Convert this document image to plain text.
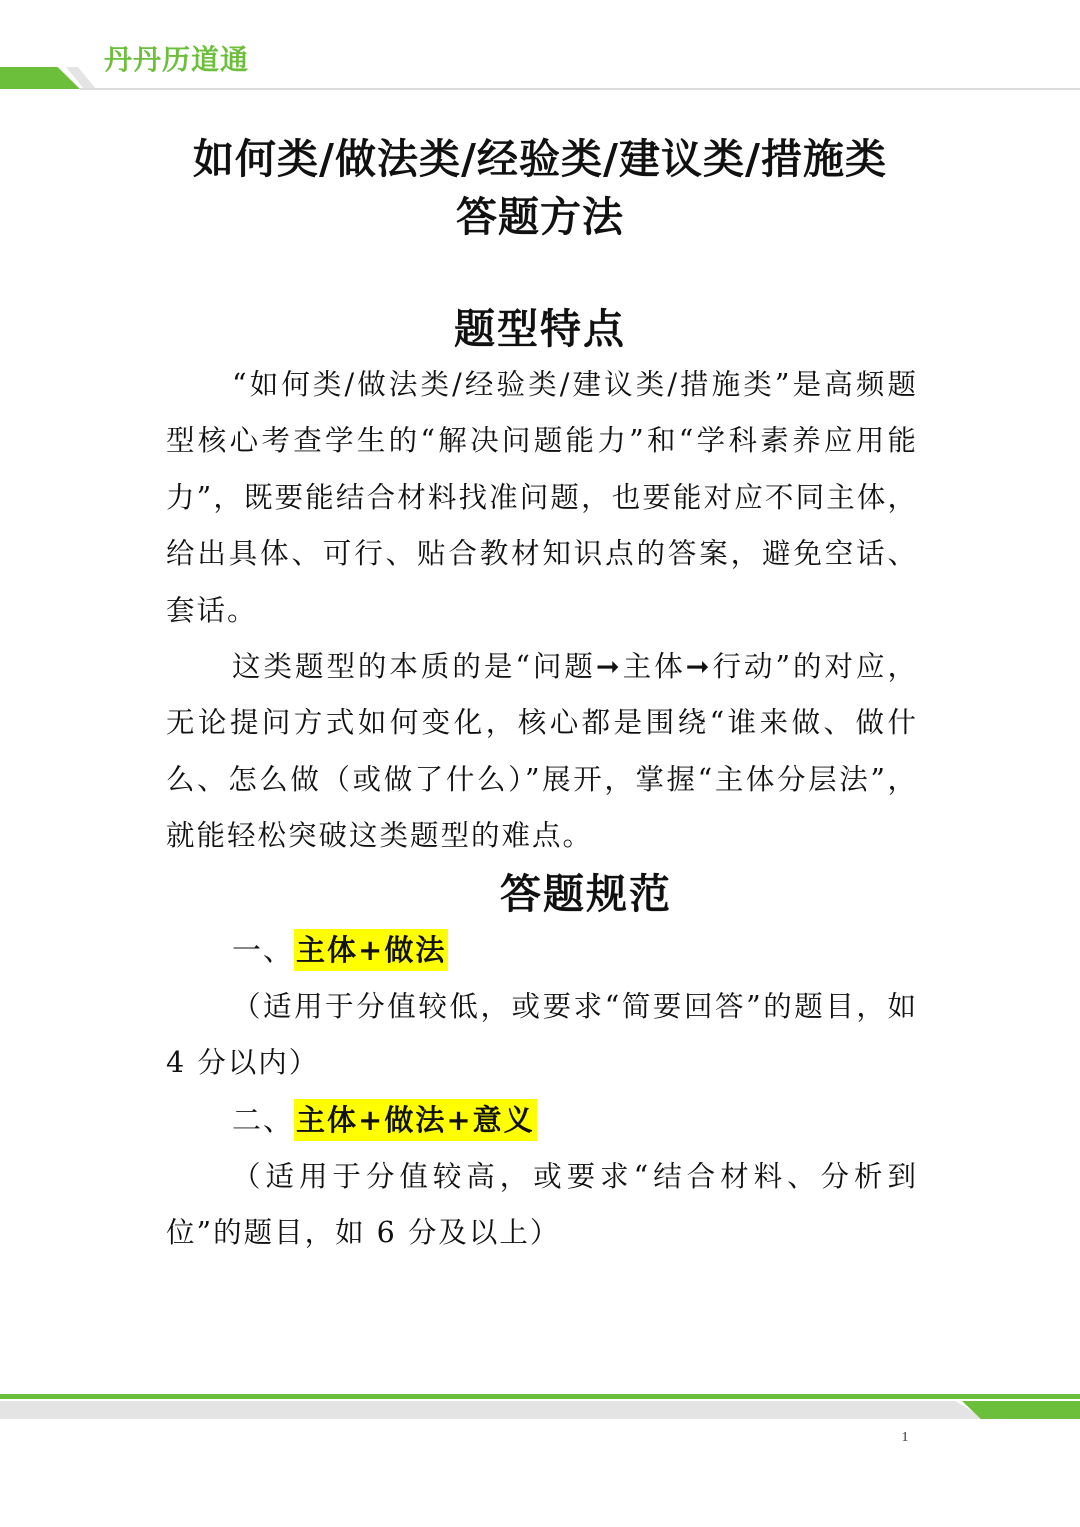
丹丹历道通
如何类/做法类/经验类/建议类/措施类
答题方法
题型特点
“如何类/做法类/经验类/建议类/措施类”是高频题型核心考查学生的“解决问题能力”和“学科素养应用能力”，既要能结合材料找准问题，也要能对应不同主体，给出具体、可行、贴合教材知识点的答案，避免空话、套话。
这类题型的本质的是“问题➞主体➞行动”的对应，无论提问方式如何变化，核心都是围绕“谁来做、做什么、怎么做（或做了什么）”展开，掌握“主体分层法”，就能轻松突破这类题型的难点。
答题规范
一、主体+做法
（适用于分值较低，或要求“简要回答”的题目，如 4 分以内）
二、主体+做法+意义
（适用于分值较高，或要求“结合材料、分析到位”的题目，如 6 分及以上）
1
